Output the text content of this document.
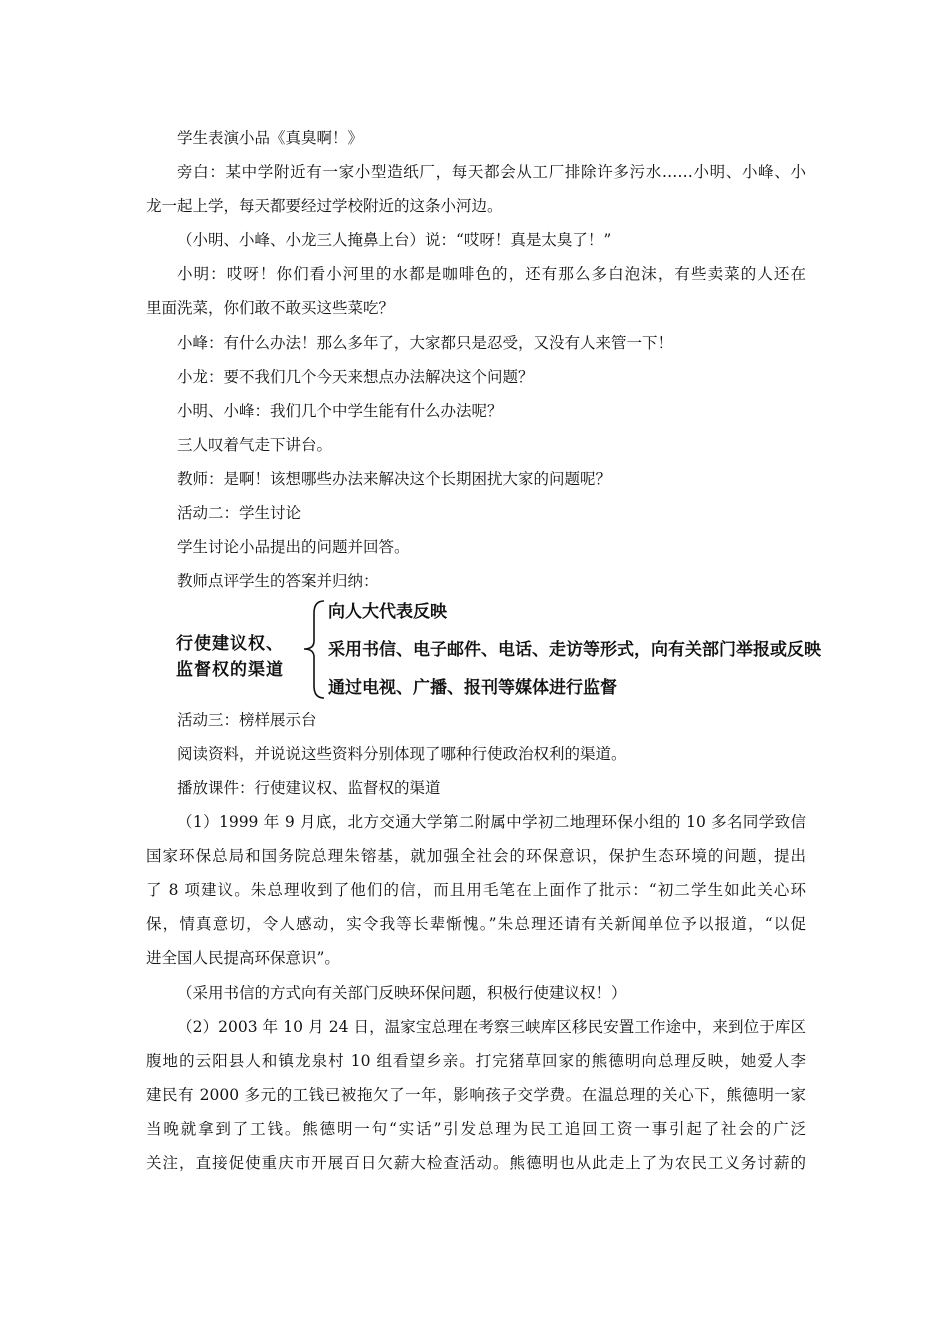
学生表演小品《真臭啊！》

旁白：某中学附近有一家小型造纸厂，每天都会从工厂排除许多污水……小明、小峰、小

龙一起上学，每天都要经过学校附近的这条小河边。

（小明、小峰、小龙三人掩鼻上台）说：“哎呀！真是太臭了！”

小明：哎呀！你们看小河里的水都是咖啡色的，还有那么多白泡沫，有些卖菜的人还在

里面洗菜，你们敢不敢买这些菜吃？

小峰：有什么办法！那么多年了，大家都只是忍受，又没有人来管一下！

小龙：要不我们几个今天来想点办法解决这个问题？

小明、小峰：我们几个中学生能有什么办法呢？

三人叹着气走下讲台。

教师：是啊！该想哪些办法来解决这个长期困扰大家的问题呢？

活动二：学生讨论

学生讨论小品提出的问题并回答。

教师点评学生的答案并归纳：

行使建议权、
监督权的渠道
向人大代表反映
采用书信、电子邮件、电话、走访等形式，向有关部门举报或反映
通过电视、广播、报刊等媒体进行监督

活动三：榜样展示台

阅读资料，并说说这些资料分别体现了哪种行使政治权利的渠道。

播放课件：行使建议权、监督权的渠道

（1）1999 年 9 月底，北方交通大学第二附属中学初二地理环保小组的 10 多名同学致信

国家环保总局和国务院总理朱镕基，就加强全社会的环保意识，保护生态环境的问题，提出

了 8 项建议。朱总理收到了他们的信，而且用毛笔在上面作了批示：“初二学生如此关心环

保，情真意切，令人感动，实令我等长辈惭愧。”朱总理还请有关新闻单位予以报道，“以促

进全国人民提高环保意识”。

（采用书信的方式向有关部门反映环保问题，积极行使建议权！）

（2）2003 年 10 月 24 日，温家宝总理在考察三峡库区移民安置工作途中，来到位于库区

腹地的云阳县人和镇龙泉村 10 组看望乡亲。打完猪草回家的熊德明向总理反映，她爱人李

建民有 2000 多元的工钱已被拖欠了一年，影响孩子交学费。在温总理的关心下，熊德明一家

当晚就拿到了工钱。熊德明一句“实话”引发总理为民工追回工资一事引起了社会的广泛

关注，直接促使重庆市开展百日欠薪大检查活动。熊德明也从此走上了为农民工义务讨薪的
